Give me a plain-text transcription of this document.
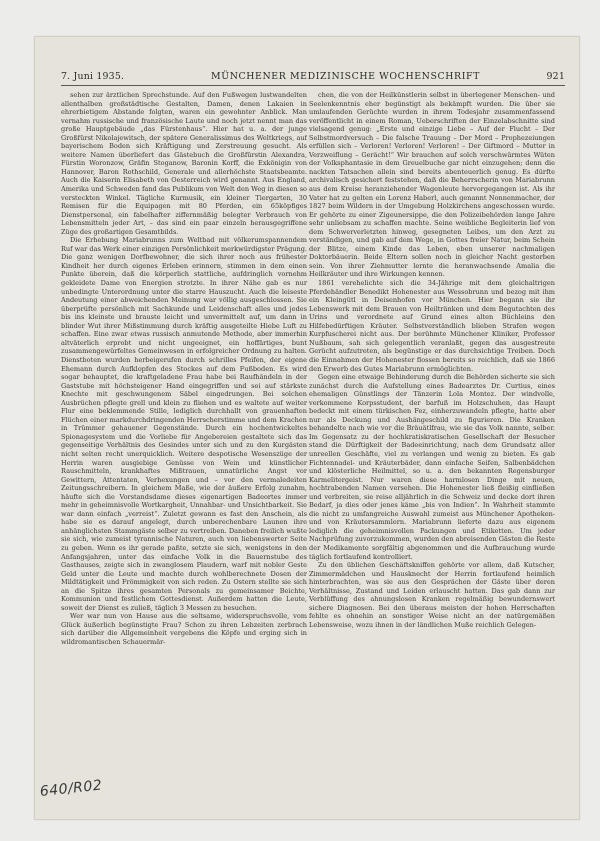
7. Juni 1935.	MÜNCHENER MEDIZINISCHE WOCHENSCHRIFT	921

sehen zur ärztlichen Sprechstunde. Auf den Fußwegen lustwandelten allenthalben großstädtische Gestalten, Damen, denen Lakaien in ehrerbietigem Abstande folgten, waren ein gewohnter Anblick. Man vernahm russische und französische Laute und noch jetzt nennt man das große Hauptgebäude „das Fürstenhaus“. Hier hat u. a. der junge Großfürst Nikolajewitsch, der spätere Generalissimus des Weltkriegs, auf bayerischem Boden sich Kräftigung und Zerstreuung gesucht. Als weitere Namen überliefert das Gästebuch die Großfürstin Alexandra, Fürstin Woronzow, Gräfin Stoganow, Baronin Korff, die Exkönigin von Hannover, Baron Rothschild, Generale und allerhöchste Staatsbeamte. Auch die Kaiserin Elisabeth von Oesterreich wird genannt. Aus England, Amerika und Schweden fand das Publikum von Welt den Weg in diesen so versteckten Winkel. Tägliche Kurmusik, ein kleiner Tiergarten, 30 Remisen für die Equipagen mit 80 Pferden, ein 65köpfiges Dienstpersonal, ein fabelhafter ziffernmäßig belegter Verbrauch von Lebensmitteln jeder Art, – das sind ein paar einzeln herausgegriffene Züge des großartigen Gesamtbilds.

Die Erhebung Mariabrunns zum Weltbad mit völkerumspannendem Ruf war das Werk einer einzigen Persönlichkeit merkwürdigster Prägung. Die ganz wenigen Dorfbewohner, die sich ihrer noch aus frühester Kindheit her durch eigenes Erleben erinnern, stimmen in dem einen Punkte überein, daß die körperlich stattliche, aufdringlich vornehm gekleidete Dame von Energien strotzte. In ihrer Nähe gab es nur unbedingte Unterordnung unter die starre Hauszucht. Auch die leiseste Andeutung einer abweichenden Meinung war völlig ausgeschlossen. Sie überprüfte persönlich mit Sachkunde und Leidenschaft alles und jedes bis ins kleinste und brauste leicht und unvermittelt auf, um dann in blinder Wut ihrer Mißstimmung durch kräftig ausgeteilte Hiebe Luft zu schaffen. Eine zwar etwas russisch anmutende Methode, aber immerhin altväterlich erprobt und nicht ungeeignet, ein hoffärtiges, bunt zusammengewürfeltes Gemeinwesen in erfolgreicher Ordnung zu halten. Dienstboten wurden herbeigerufen durch schrilles Pfeifen, der eigene Ehemann durch Aufklopfen des Stockes auf dem Fußboden. Es wird sogar behauptet, die kraftgeladene Frau habe bei Raufhändeln in der Gaststube mit höchsteigener Hand eingegriffen und sei auf stärkste Knechte mit geschwungenem Säbel eingedrungen. Bei solchen Ausbrüchen pflegte grell und klein zu fliehen und es waltete auf weiter Flur eine beklemmende Stille, lediglich durchhallt von grauenhaften Flüchen einer markdurchdringenden Herrscherstimme und dem Krachen in Trümmer gehauener Gegenstände. Durch ein hochentwickeltes Spionagesystem und die Vorliebe für Angebereien gestaltete sich das gegenseitige Verhältnis des Gesindes unter sich und zu den Kurgästen nicht selten recht unerquicklich. Weitere despotische Wesenszüge der Herrin waren ausgiebige Genüsse von Wein und künstlicher Rauschmitteln, krankhaftes Mißtrauen, unnatürliche Angst vor Gewittern, Attentaten, Verhexungen und – vor den vermaledeiten Zeitungsschreibern. In gleichem Maße, wie der äußere Erfolg zunahm, häufte sich die Vorstandsdame dieses eigenartigen Badeortes immer mehr in geheimnisvolle Wortkargheit, Unnahbar- und Unsichtbarkeit. Sie war dann einfach „verreist“. Zuletzt gewann es fast den Anschein, als habe sie es darauf angelegt, durch unberechenbare Launen ihre anhänglichsten Stammgäste selber zu vertreiben. Daneben freilich wußte sie sich, wie zumeist tyrannische Naturen, auch von liebenswerter Seite zu geben. Wenn es ihr gerade paßte, setzte sie sich, wenigstens in den Anfangsjahren, unter das einfache Volk in die Bauernstube des Gasthauses, zeigte sich in zwanglosem Plaudern, warf mit nobler Geste Geld unter die Leute und machte durch wohlberechnete Dosen der Mildtätigkeit und Frömmigkeit von sich reden. Zu Ostern stellte sie sich an die Spitze ihres gesamten Personals zu gemeinsamer Beichte, Kommunion und festlichem Gottesdienst. Außerdem hatten die Leute, soweit der Dienst es zuließ, täglich 3 Messen zu besuchen.

Wer war nun von Hause aus die seltsame, widerspruchsvolle, vom Glück äußerlich begünstigte Frau? Schon zu ihren Lebzeiten zerbrach sich darüber die Allgemeinheit vergebens die Köpfe und erging sich in wildromantischen Schauermär-

chen, die von der Heilkünstlerin selbst in überlegener Menschen- und Seelenkenntnis eher begünstigt als bekämpft wurden. Die über sie umlaufenden Gerüchte wurden in ihrem Todesjahr zusammenfassend veröffentlicht in einem Roman, Ueberschriften der Einzelabschnitte sind vielsagend genug: „Erste und einzige Liebe – Auf der Flucht – Der Selbstmordversuch – Die falsche Trauung – Der Mord – Prophezeiungen erfüllen sich – Verloren! Verloren! Verloren! – Der Giftmord – Mutter in Verzweiflung – Gerächt!“ Wir brauchen auf solch verschwärmtes Wüten der Volksphantasie in dem Greuelbuche gar nicht einzugehen; denn die nackten Tatsachen allein sind bereits abenteuerlich genug. Es dürfte archivalisch gesichert feststehen, daß die Beherrscherin von Mariabrunn aus dem Kreise heranziehender Wagenleute hervorgegangen ist. Als ihr Vater hat zu gelten ein Lorenz Haberl, auch genannt Nonnenmacher, der 1827 beim Wildern in der Umgebung Holzkirchens angeschossen wurde. Er gehörte zu einer Zigeunersippe, die den Polizeibehörden lange Jahre sehr unliebsam zu schaffen machte. Seine weibliche Begleiterin lief von dem Schwerverletzten hinweg, gesegneten Leibes, um den Arzt zu verständigen, und gab auf dem Wege, in Gottes freier Natur, beim Schein der Blitze, einem Kinde das Leben, eben unserer nachmaligen Doktorbäuerin. Beide Eltern sollen noch in gleicher Nacht gestorben sein. Von ihrer Ziehmutter lernte die heranwachsende Amalia die Heilkräuter und ihre Wirkungen kennen.

1861 verehelichte sich die 34-Jährige mit dem gleichaltrigen Pferdehändler Benedikt Hohenester aus Wessobrunn und bezog mit ihm ein Kleingütl in Deisenhofen vor München. Hier begann sie ihr Lebenswerk mit dem Brauen von Heiltränken und dem Begutachten des Urins und verordnete auf Grund eines alten Büchleins den Hilfebedürftigen Kräuter. Selbstverständlich blieben Strafen wegen Kurpfuscherei nicht aus. Der berühmte Münchener Kliniker, Professor Nußbaum, sah sich gelegentlich veranlaßt, gegen das ausgestreute Gerücht aufzutreten, als begünstige er das durchsichtige Treiben. Doch die Einnahmen der Hohenester flossen bereits so reichlich, daß sie 1866 den Erwerb des Gutes Mariabrunn ermöglichten.

Gegen eine etwaige Behinderung durch die Behörden sicherte sie sich zunächst durch die Aufstellung eines Badearztes Dr. Curtius, eines ehemaligen Günstlings der Tänzerin Lola Montez. Der windvolle, verkommene Korpsstudent, der barfuß im Holzschuhen, das Haupt bedeckt mit einem türkischen Fez, einherzuwandeln pflegte, hatte aber nur als Deckung und Aushängeschild zu figurieren. Die Kranken behandelte nach wie vor die Bräuätlfrau, wie sie das Volk nannte, selber. Im Gegensatz zu der hochkratiskratischen Gesellschaft der Besucher stand die Dürftigkeit der Badeeinrichtung, nach dem Grundsatz aller unreellen Geschäfte, viel zu verlangen und wenig zu bieten. Es gab Fichtennadel- und Kräuterbäder, dann einfache Seifen, Salbenbädchen und klösterliche Heilmittel, so u. a. den bekannten Regensburger Karmelitergeist. Nur waren diese harmlosen Dinge mit neuen, hochtrabenden Namen versehen. Die Hohenester ließ fleißig einfließen und verbreiten, sie reise alljährlich in die Schweiz und decke dort ihren Bedarf, ja dies oder jenes käme „bis von Indien“. In Wahrheit stammte die nicht zu umfangreiche Auswahl zumeist aus Münchener Apotheken- und von Kräutersammlern. Mariabrunn lieferte dazu aus eigenem lediglich die geheimnisvollen Packungen und Etiketten. Um jeder Nachprüfung zuvorzukommen, wurden den abreisenden Gästen die Reste der Medikamente sorgfältig abgenommen und die Aufbrauchung wurde täglich fortlaufend kontrolliert.

Zu den üblichen Geschäftskniffen gehörte vor allem, daß Kutscher, Zimmermädchen und Hausknecht der Herrin fortlaufend heimlich hinterbrachten, was sie aus den Gesprächen der Gäste über deren Verhältnisse, Zustand und Leiden erlauscht hatten. Das gab dann zur Verblüffung des ahnungslosen Kranken regelmäßig bewundernswert sichere Diagnosen. Bei den überaus meisten der hohen Herrschaften fehlte es ohnehin an sonstiger Weise nicht an der natürgemäßen Lebensweise, wozu ihnen in der ländlichen Muße reichlich Gelegen-

640/R02
